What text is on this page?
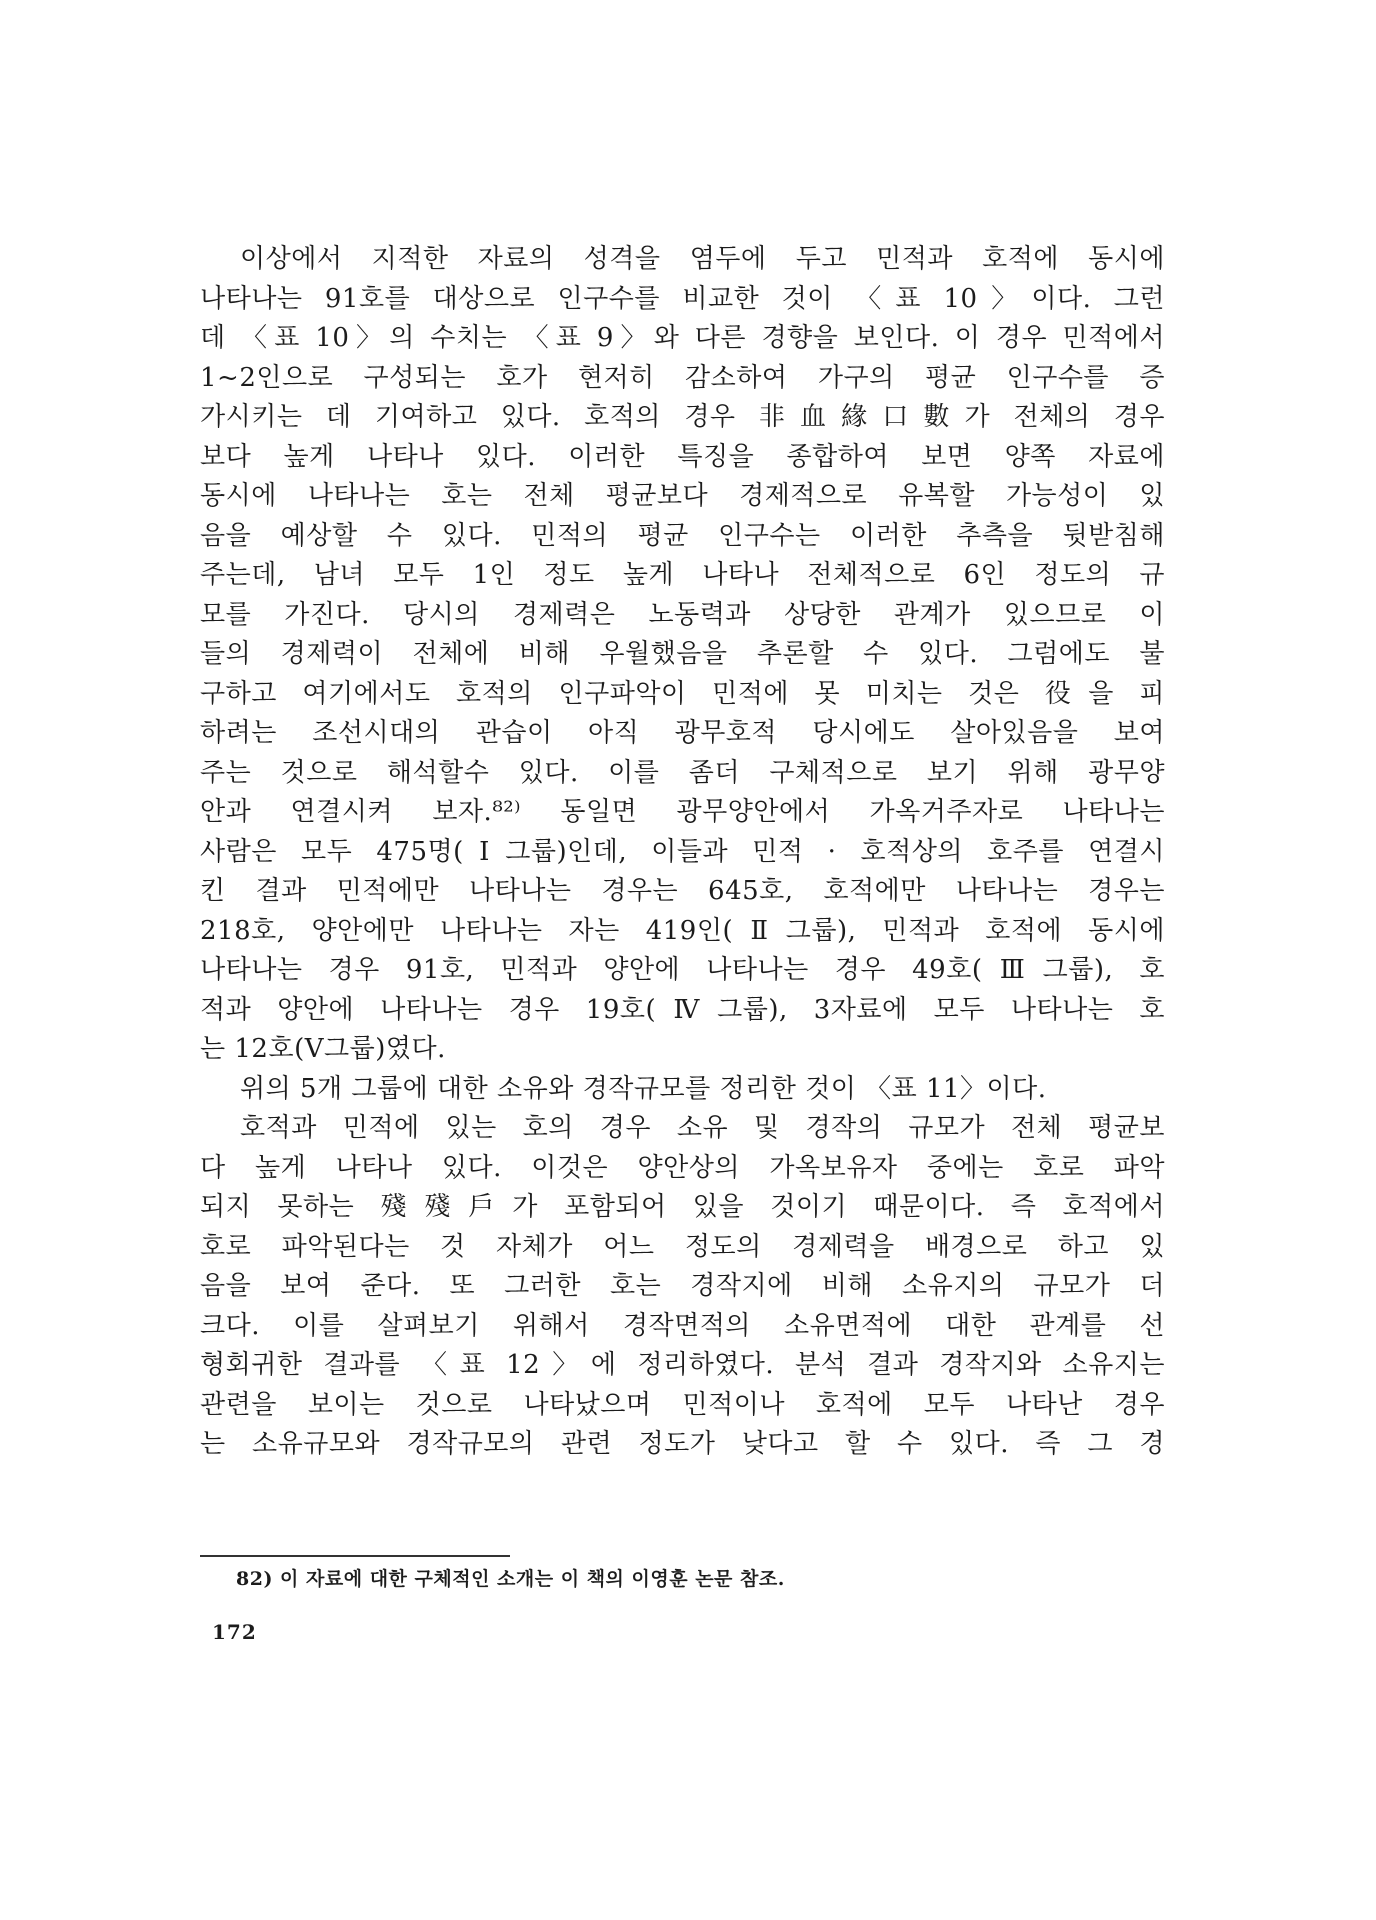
이상에서 지적한 자료의 성격을 염두에 두고 민적과 호적에 동시에
나타나는 91호를 대상으로 인구수를 비교한 것이 〈표 10〉이다. 그런
데 〈표 10〉의 수치는 〈표 9〉와 다른 경향을 보인다. 이 경우 민적에서
1~2인으로 구성되는 호가 현저히 감소하여 가구의 평균 인구수를 증
가시키는 데 기여하고 있다. 호적의 경우 非血緣口數가 전체의 경우
보다 높게 나타나 있다. 이러한 특징을 종합하여 보면 양쪽 자료에
동시에 나타나는 호는 전체 평균보다 경제적으로 유복할 가능성이 있
음을 예상할 수 있다. 민적의 평균 인구수는 이러한 추측을 뒷받침해
주는데, 남녀 모두 1인 정도 높게 나타나 전체적으로 6인 정도의 규
모를 가진다. 당시의 경제력은 노동력과 상당한 관계가 있으므로 이
들의 경제력이 전체에 비해 우월했음을 추론할 수 있다. 그럼에도 불
구하고 여기에서도 호적의 인구파악이 민적에 못 미치는 것은 役을 피
하려는 조선시대의 관습이 아직 광무호적 당시에도 살아있음을 보여
주는 것으로 해석할수 있다. 이를 좀더 구체적으로 보기 위해 광무양
안과 연결시켜 보자.⁸²⁾ 동일면 광무양안에서 가옥거주자로 나타나는
사람은 모두 475명(Ⅰ그룹)인데, 이들과 민적 · 호적상의 호주를 연결시
킨 결과 민적에만 나타나는 경우는 645호, 호적에만 나타나는 경우는
218호, 양안에만 나타나는 자는 419인(Ⅱ그룹), 민적과 호적에 동시에
나타나는 경우 91호, 민적과 양안에 나타나는 경우 49호(Ⅲ그룹), 호
적과 양안에 나타나는 경우 19호(Ⅳ그룹), 3자료에 모두 나타나는 호
는 12호(Ⅴ그룹)였다.
위의 5개 그룹에 대한 소유와 경작규모를 정리한 것이 〈표 11〉이다.
호적과 민적에 있는 호의 경우 소유 및 경작의 규모가 전체 평균보
다 높게 나타나 있다. 이것은 양안상의 가옥보유자 중에는 호로 파악
되지 못하는 殘殘戶가 포함되어 있을 것이기 때문이다. 즉 호적에서
호로 파악된다는 것 자체가 어느 정도의 경제력을 배경으로 하고 있
음을 보여 준다. 또 그러한 호는 경작지에 비해 소유지의 규모가 더
크다. 이를 살펴보기 위해서 경작면적의 소유면적에 대한 관계를 선
형회귀한 결과를 〈표 12〉에 정리하였다. 분석 결과 경작지와 소유지는
관련을 보이는 것으로 나타났으며 민적이나 호적에 모두 나타난 경우
는 소유규모와 경작규모의 관련 정도가 낮다고 할 수 있다. 즉 그 경
82) 이 자료에 대한 구체적인 소개는 이 책의 이영훈 논문 참조.
172
